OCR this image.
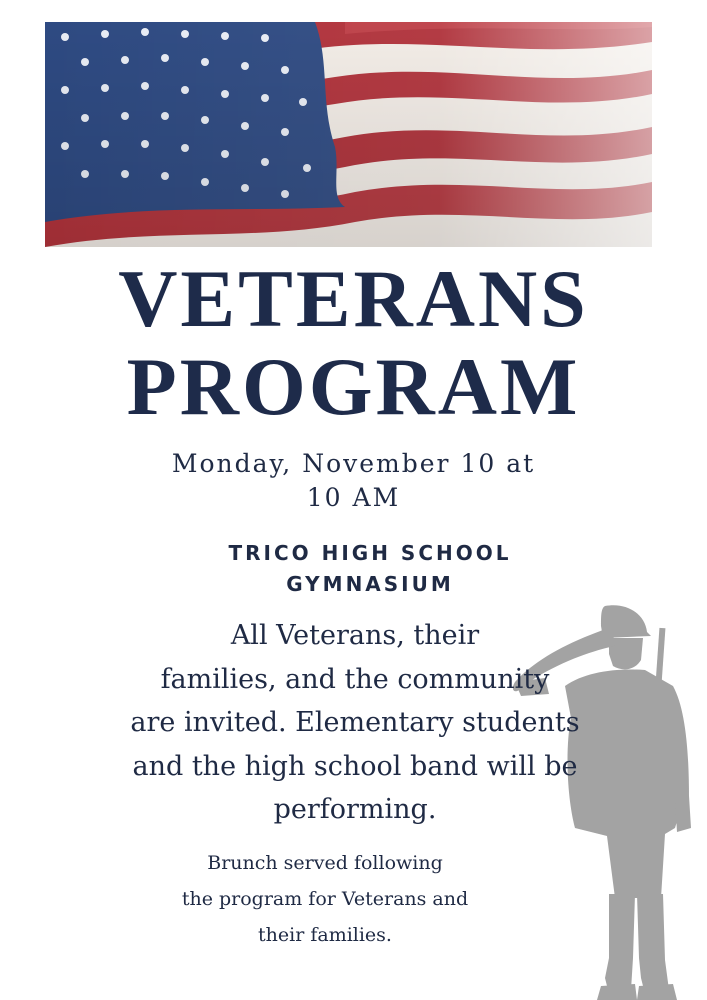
VETERANS
PROGRAM
Monday, November 10 at
10 AM
TRICO HIGH SCHOOL
GYMNASIUM
All Veterans, their
families, and the community
are invited. Elementary students
and the high school band will be
performing.
Brunch served following
the program for Veterans and
their families.
